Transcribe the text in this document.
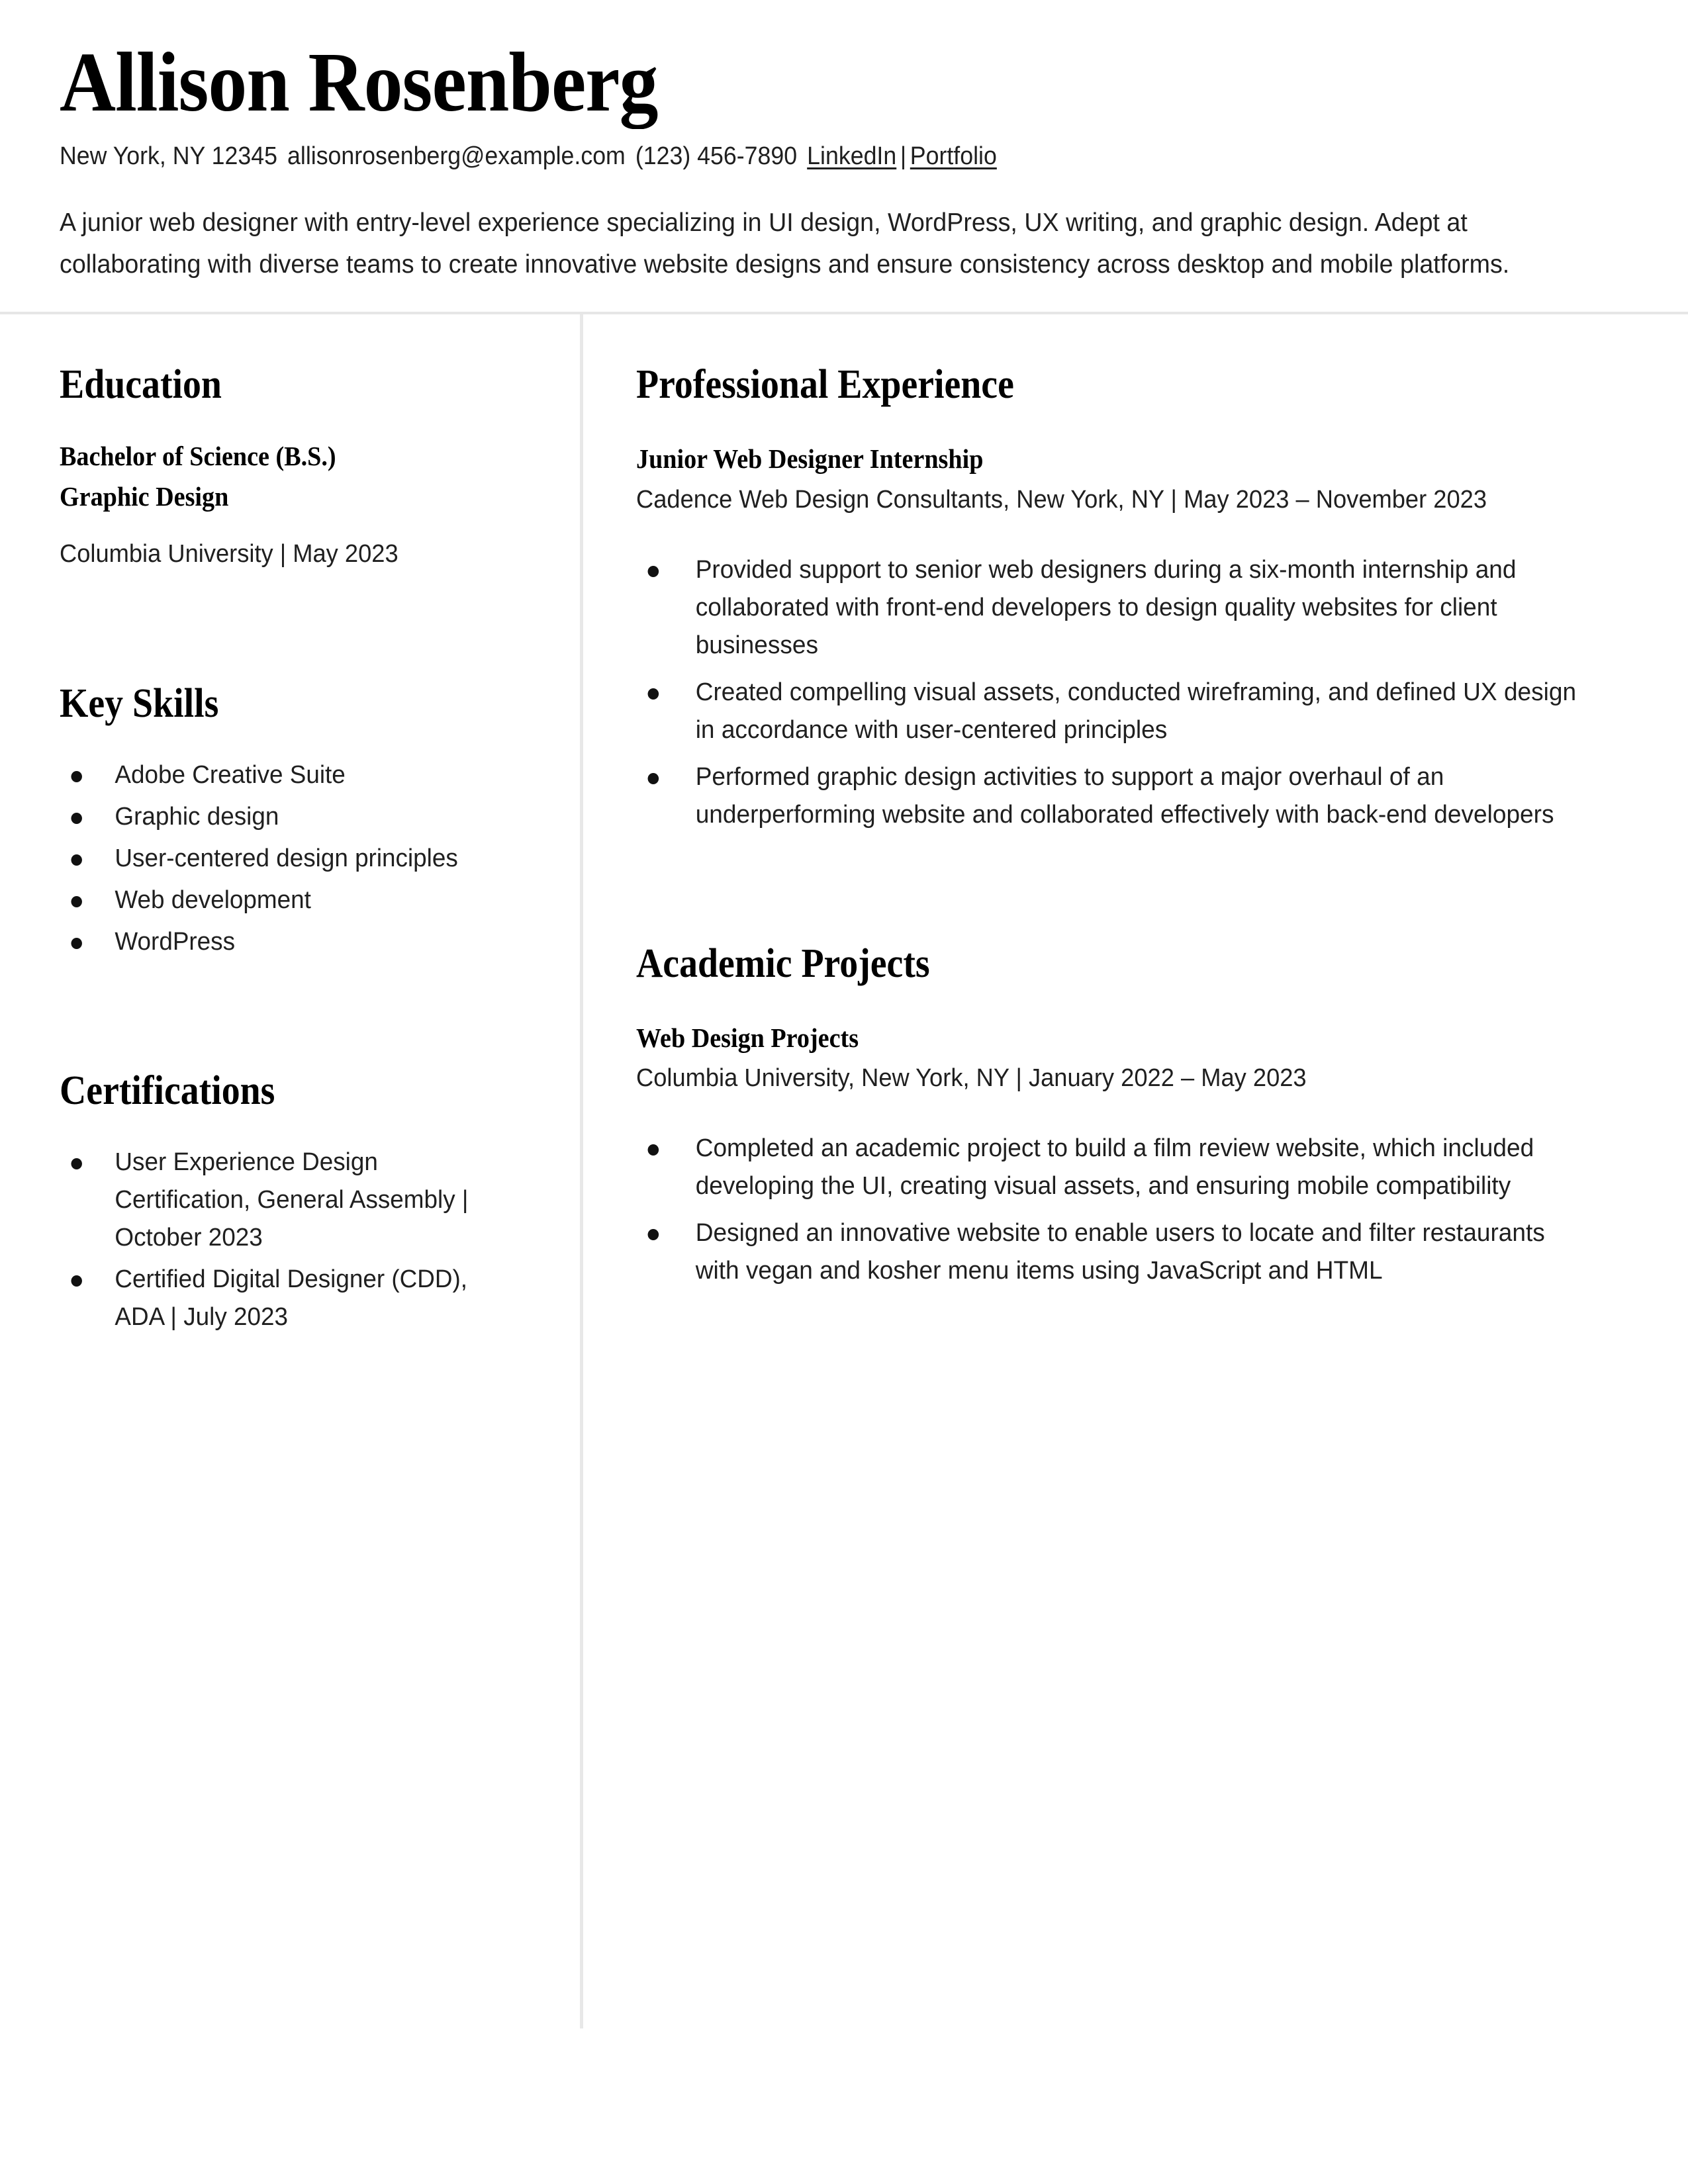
Allison Rosenberg
New York, NY 12345 allisonrosenberg@example.com (123) 456-7890 LinkedIn | Portfolio

A junior web designer with entry-level experience specializing in UI design, WordPress, UX writing, and graphic design. Adept at collaborating with diverse teams to create innovative website designs and ensure consistency across desktop and mobile platforms.

Education
Bachelor of Science (B.S.)
Graphic Design
Columbia University | May 2023
Key Skills
Adobe Creative Suite
Graphic design
User-centered design principles
Web development
WordPress
Certifications
User Experience Design Certification, General Assembly | October 2023
Certified Digital Designer (CDD), ADA | July 2023
Professional Experience
Junior Web Designer Internship
Cadence Web Design Consultants, New York, NY | May 2023 – November 2023
Provided support to senior web designers during a six-month internship and collaborated with front-end developers to design quality websites for client businesses
Created compelling visual assets, conducted wireframing, and defined UX design in accordance with user-centered principles
Performed graphic design activities to support a major overhaul of an underperforming website and collaborated effectively with back-end developers
Academic Projects
Web Design Projects
Columbia University, New York, NY | January 2022 – May 2023
Completed an academic project to build a film review website, which included developing the UI, creating visual assets, and ensuring mobile compatibility
Designed an innovative website to enable users to locate and filter restaurants with vegan and kosher menu items using JavaScript and HTML
